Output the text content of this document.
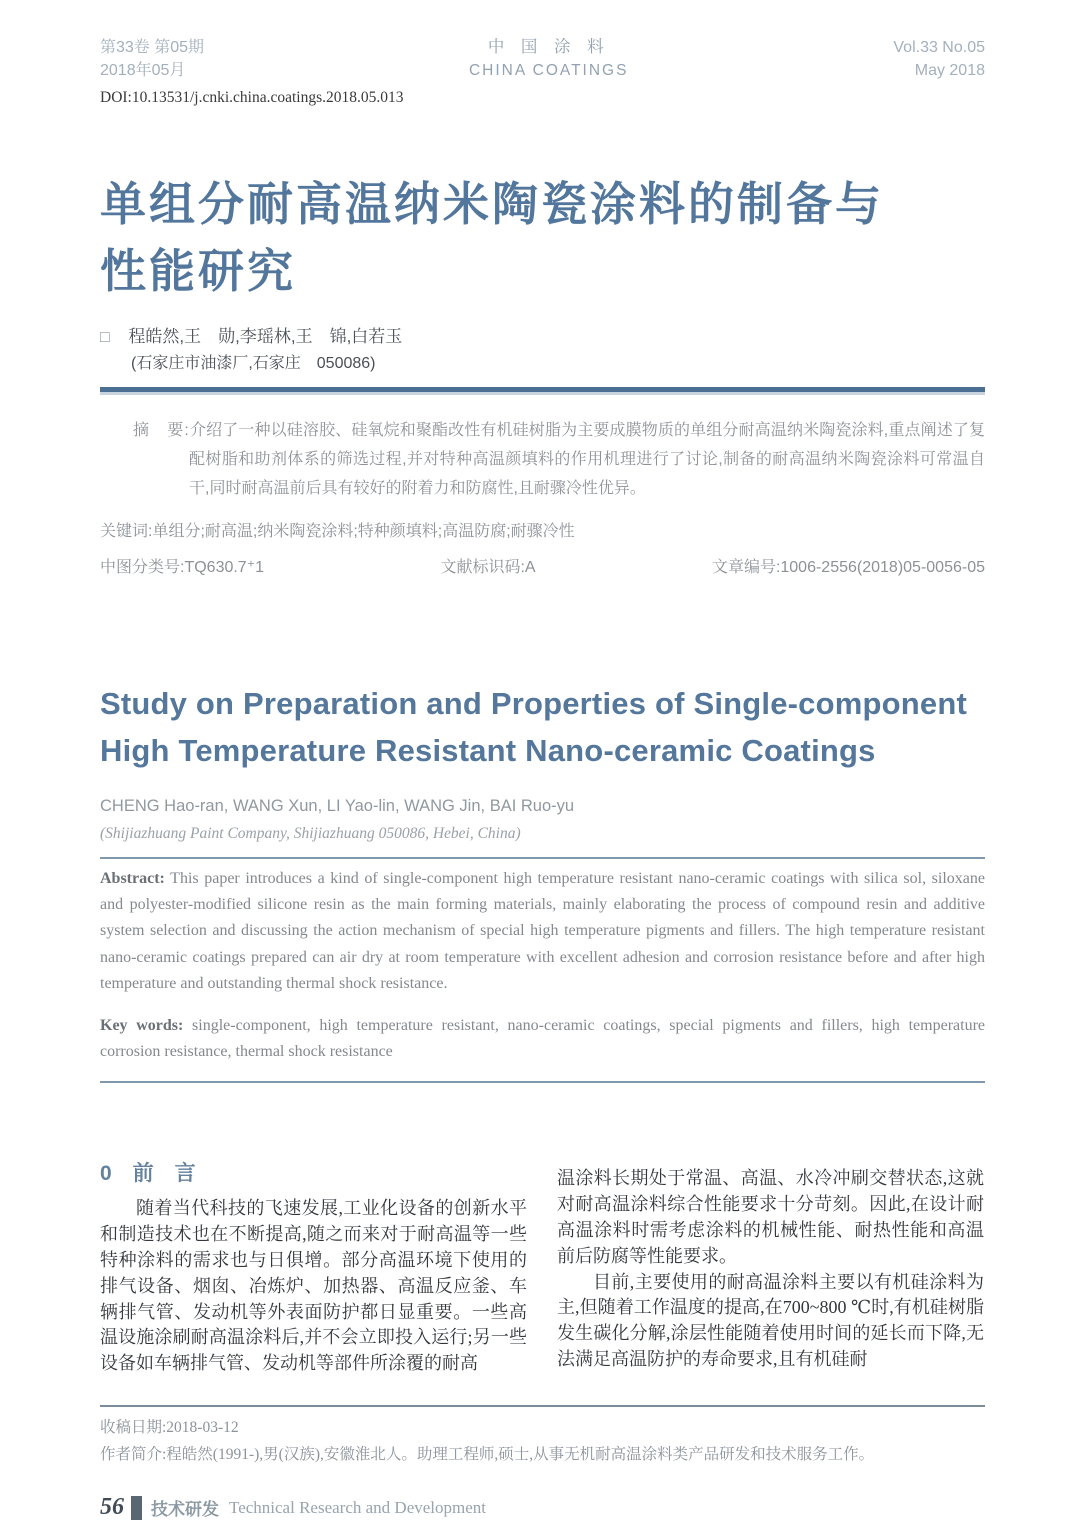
第33卷 第05期
2018年05月
中 国 涂 料
CHINA COATINGS
Vol.33 No.05
May 2018
DOI:10.13531/j.cnki.china.coatings.2018.05.013
单组分耐高温纳米陶瓷涂料的制备与
性能研究
□ 程皓然,王　勋,李瑶林,王　锦,白若玉
(石家庄市油漆厂,石家庄　050086)

摘　要:介绍了一种以硅溶胶、硅氧烷和聚酯改性有机硅树脂为主要成膜物质的单组分耐高温纳米陶瓷涂料,重点阐述了复配树脂和助剂体系的筛选过程,并对特种高温颜填料的作用机理进行了讨论,制备的耐高温纳米陶瓷涂料可常温自干,同时耐高温前后具有较好的附着力和防腐性,且耐骤冷性优异。

关键词:单组分;耐高温;纳米陶瓷涂料;特种颜填料;高温防腐;耐骤冷性
中图分类号:TQ630.7⁺1	文献标识码:A	文章编号:1006-2556(2018)05-0056-05
Study on Preparation and Properties of Single-component
High Temperature Resistant Nano-ceramic Coatings
CHENG Hao-ran, WANG Xun, LI Yao-lin, WANG Jin, BAI Ruo-yu
(Shijiazhuang Paint Company, Shijiazhuang 050086, Hebei, China)

Abstract: This paper introduces a kind of single-component high temperature resistant nano-ceramic coatings with silica sol, siloxane and polyester-modified silicone resin as the main forming materials, mainly elaborating the process of compound resin and additive system selection and discussing the action mechanism of special high temperature pigments and fillers. The high temperature resistant nano-ceramic coatings prepared can air dry at room temperature with excellent adhesion and corrosion resistance before and after high temperature and outstanding thermal shock resistance.

Key words: single-component, high temperature resistant, nano-ceramic coatings, special pigments and fillers, high temperature corrosion resistance, thermal shock resistance

0　前　言

随着当代科技的飞速发展,工业化设备的创新水平和制造技术也在不断提高,随之而来对于耐高温等一些特种涂料的需求也与日俱增。部分高温环境下使用的排气设备、烟囱、冶炼炉、加热器、高温反应釜、车辆排气管、发动机等外表面防护都日显重要。一些高温设施涂刷耐高温涂料后,并不会立即投入运行;另一些设备如车辆排气管、发动机等部件所涂覆的耐高

温涂料长期处于常温、高温、水冷冲刷交替状态,这就对耐高温涂料综合性能要求十分苛刻。因此,在设计耐高温涂料时需考虑涂料的机械性能、耐热性能和高温前后防腐等性能要求。

目前,主要使用的耐高温涂料主要以有机硅涂料为主,但随着工作温度的提高,在700~800 ℃时,有机硅树脂发生碳化分解,涂层性能随着使用时间的延长而下降,无法满足高温防护的寿命要求,且有机硅耐

收稿日期:2018-03-12
作者简介:程皓然(1991-),男(汉族),安徽淮北人。助理工程师,硕士,从事无机耐高温涂料类产品研发和技术服务工作。
56 技术研发 Technical Research and Development
